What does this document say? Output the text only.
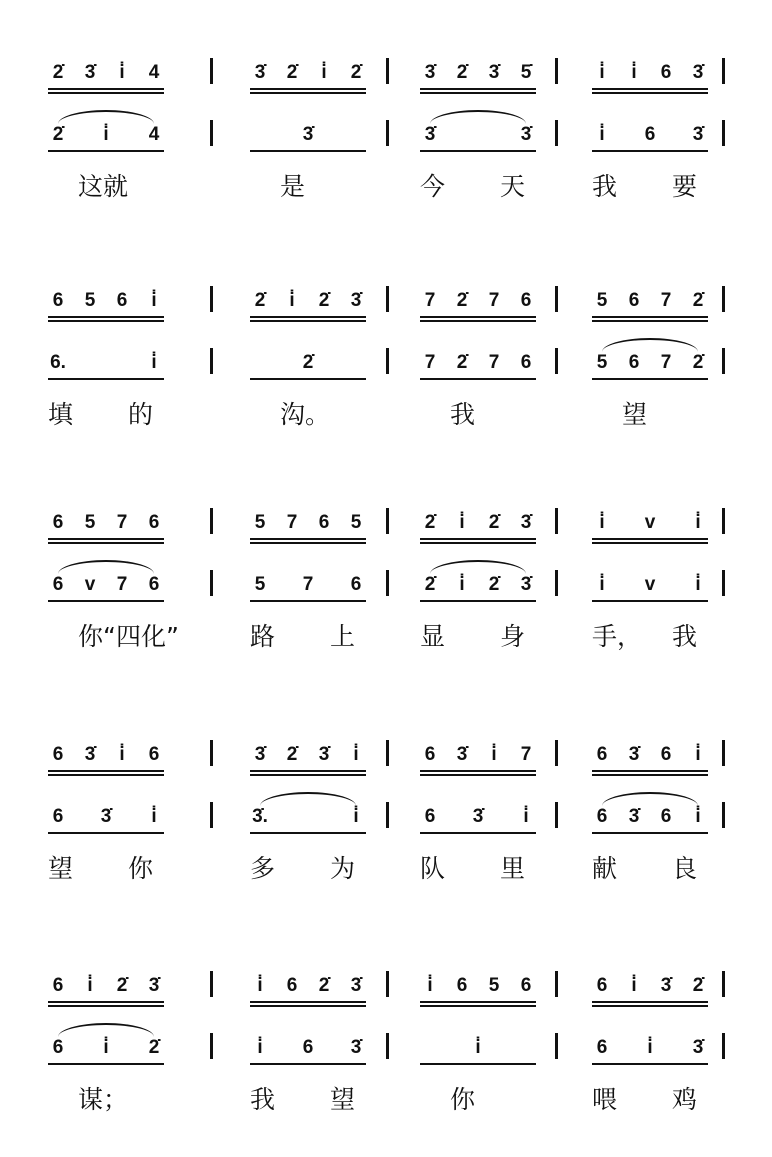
2̇ 3̇	i̇	4	3̇ 2̇	i̇	2̇	3̇ 2̇ 3̇ 5̇	i̇	i̇	6 3̇
2̇	i̇	4	3̇	3̇	3̇	i̇	6 3̇
这就	是	今 天	我 要
6 5 6	i̇	2̇	i̇	2̇ 3̇	7 2̇ 7 6	5 6 7 2̇
6.	i̇	2̇	7 2̇ 7 6	5 6 7 2̇
填 的	沟。	我	望
6 5 7 6	5 7 6 5	2̇	i̇	2̇ 3̇	i̇	v	i̇
6 v 7 6	5 7 6	2̇	i̇	2̇ 3̇	i̇	v	i̇
你“四化”	路 上	显 身	手， 我
6 3̇	i̇	6	3̇ 2̇ 3̇	i̇	6 3̇	i̇	7	6 3̇ 6	i̇
6 3̇	i̇	3̇.	i̇	6 3̇	i̇	6 3̇ 6	i̇
望 你	多 为	队 里	献 良
6	i̇	2̇ 3̇	i̇	6 2̇ 3̇	i̇	6 5 6	6	i̇	3̇ 2̇
6	i̇	2̇	i̇	6 3̇	i̇	6	i̇	3̇
谋；	我 望	你	喂 鸡
